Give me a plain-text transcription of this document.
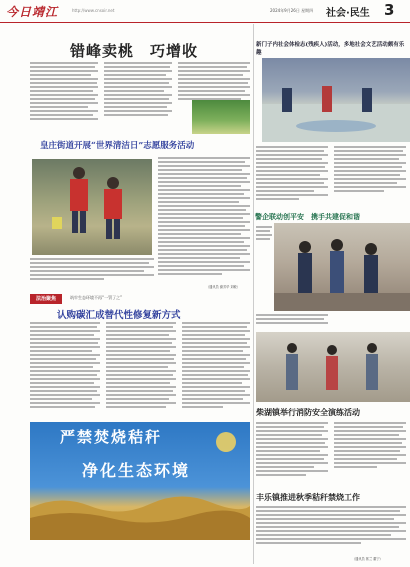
今日靖江	http://www.cnsoir.net	2024年9月26日 星期四 社会·民生 3
错峰卖桃　巧增收
皇庄街道开展“世界清洁日”志愿服务活动
（通讯员 谢芳华 刘敏）
法治聚焦	筑牢生态环境不再“一罚了之”
认购碳汇成替代性修复新方式
严禁焚烧秸秆
净化生态环境
新门子内社会体检志(残疾人)活动，多地社会文艺活动颇有乐趣
警企联动创平安　携手共建促和谐
柴湖镇举行消防安全演练活动
丰乐镇推进秋季秸秆禁烧工作
（通讯员 郭兰 董宁）
